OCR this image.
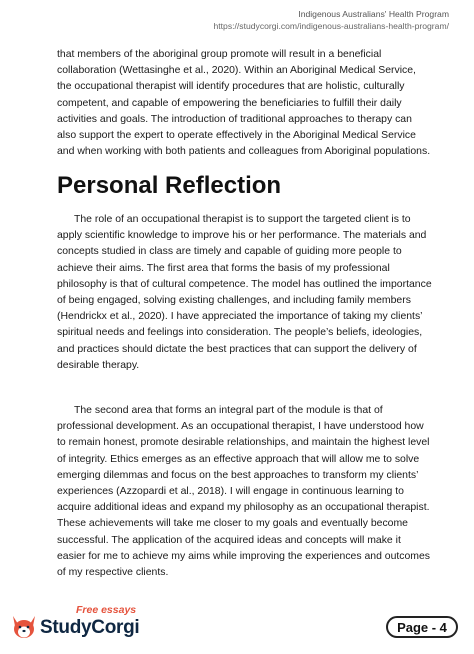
Indigenous Australians' Health Program
https://studycorgi.com/indigenous-australians-health-program/
that members of the aboriginal group promote will result in a beneficial
collaboration (Wettasinghe et al., 2020). Within an Aboriginal Medical Service,
the occupational therapist will identify procedures that are holistic, culturally
competent, and capable of empowering the beneficiaries to fulfill their daily
activities and goals. The introduction of traditional approaches to therapy can
also support the expert to operate effectively in the Aboriginal Medical Service
and when working with both patients and colleagues from Aboriginal populations.
Personal Reflection
The role of an occupational therapist is to support the targeted client is to
apply scientific knowledge to improve his or her performance. The materials and
concepts studied in class are timely and capable of guiding more people to
achieve their aims. The first area that forms the basis of my professional
philosophy is that of cultural competence. The model has outlined the importance
of being engaged, solving existing challenges, and including family members
(Hendrickx et al., 2020). I have appreciated the importance of taking my clients’
spiritual needs and feelings into consideration. The people’s beliefs, ideologies,
and practices should dictate the best practices that can support the delivery of
desirable therapy.
The second area that forms an integral part of the module is that of
professional development. As an occupational therapist, I have understood how
to remain honest, promote desirable relationships, and maintain the highest level
of integrity. Ethics emerges as an effective approach that will allow me to solve
emerging dilemmas and focus on the best approaches to transform my clients’
experiences (Azzopardi et al., 2018). I will engage in continuous learning to
acquire additional ideas and expand my philosophy as an occupational therapist.
These achievements will take me closer to my goals and eventually become
successful. The application of the acquired ideas and concepts will make it
easier for me to achieve my aims while improving the experiences and outcomes
of my respective clients.
Free essays
StudyCorgi	Page - 4
